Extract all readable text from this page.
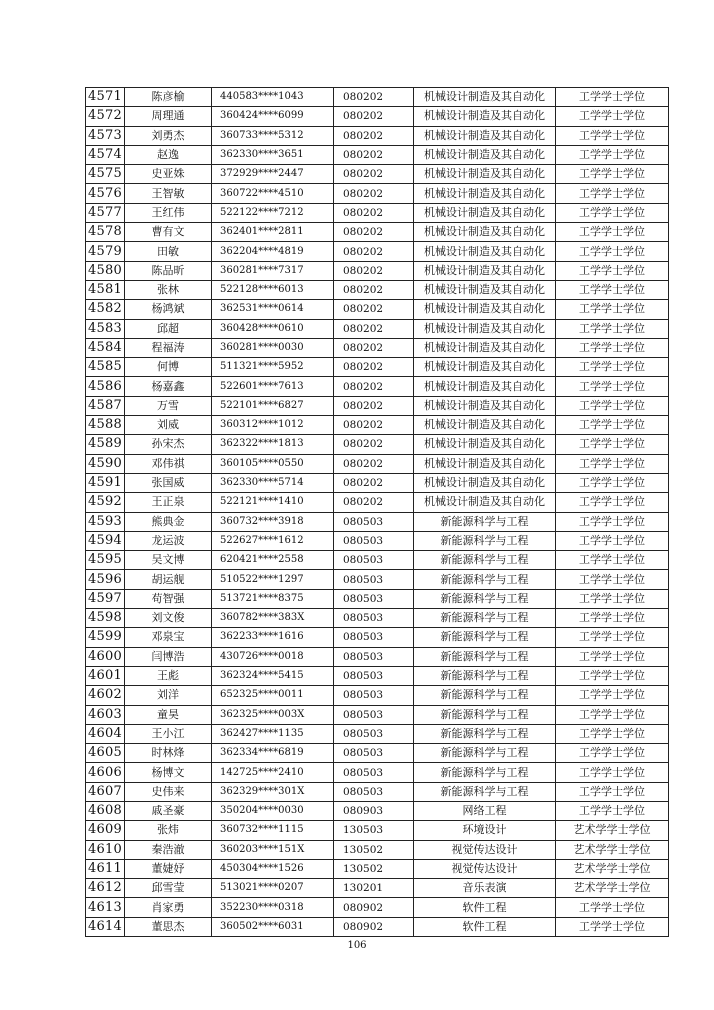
4571	陈彦榆	440583****1043	080202	机械设计制造及其自动化	工学学士学位
4572	周理通	360424****6099	080202	机械设计制造及其自动化	工学学士学位
4573	刘勇杰	360733****5312	080202	机械设计制造及其自动化	工学学士学位
4574	赵逸	362330****3651	080202	机械设计制造及其自动化	工学学士学位
4575	史亚姝	372929****2447	080202	机械设计制造及其自动化	工学学士学位
4576	王智敏	360722****4510	080202	机械设计制造及其自动化	工学学士学位
4577	王红伟	522122****7212	080202	机械设计制造及其自动化	工学学士学位
4578	曹有文	362401****2811	080202	机械设计制造及其自动化	工学学士学位
4579	田敏	362204****4819	080202	机械设计制造及其自动化	工学学士学位
4580	陈品昕	360281****7317	080202	机械设计制造及其自动化	工学学士学位
4581	张林	522128****6013	080202	机械设计制造及其自动化	工学学士学位
4582	杨鸿斌	362531****0614	080202	机械设计制造及其自动化	工学学士学位
4583	邱超	360428****0610	080202	机械设计制造及其自动化	工学学士学位
4584	程福涛	360281****0030	080202	机械设计制造及其自动化	工学学士学位
4585	何博	511321****5952	080202	机械设计制造及其自动化	工学学士学位
4586	杨嘉鑫	522601****7613	080202	机械设计制造及其自动化	工学学士学位
4587	万雪	522101****6827	080202	机械设计制造及其自动化	工学学士学位
4588	刘威	360312****1012	080202	机械设计制造及其自动化	工学学士学位
4589	孙宋杰	362322****1813	080202	机械设计制造及其自动化	工学学士学位
4590	邓伟祺	360105****0550	080202	机械设计制造及其自动化	工学学士学位
4591	张国威	362330****5714	080202	机械设计制造及其自动化	工学学士学位
4592	王正泉	522121****1410	080202	机械设计制造及其自动化	工学学士学位
4593	熊典金	360732****3918	080503	新能源科学与工程	工学学士学位
4594	龙运波	522627****1612	080503	新能源科学与工程	工学学士学位
4595	吴文博	620421****2558	080503	新能源科学与工程	工学学士学位
4596	胡运舰	510522****1297	080503	新能源科学与工程	工学学士学位
4597	苟智强	513721****8375	080503	新能源科学与工程	工学学士学位
4598	刘文俊	360782****383X	080503	新能源科学与工程	工学学士学位
4599	邓泉宝	362233****1616	080503	新能源科学与工程	工学学士学位
4600	闫博浩	430726****0018	080503	新能源科学与工程	工学学士学位
4601	王彪	362324****5415	080503	新能源科学与工程	工学学士学位
4602	刘洋	652325****0011	080503	新能源科学与工程	工学学士学位
4603	童昊	362325****003X	080503	新能源科学与工程	工学学士学位
4604	王小江	362427****1135	080503	新能源科学与工程	工学学士学位
4605	时林烽	362334****6819	080503	新能源科学与工程	工学学士学位
4606	杨博文	142725****2410	080503	新能源科学与工程	工学学士学位
4607	史伟来	362329****301X	080503	新能源科学与工程	工学学士学位
4608	戚圣豪	350204****0030	080903	网络工程	工学学士学位
4609	张炜	360732****1115	130503	环境设计	艺术学学士学位
4610	秦浩澈	360203****151X	130502	视觉传达设计	艺术学学士学位
4611	董婕妤	450304****1526	130502	视觉传达设计	艺术学学士学位
4612	邱雪莹	513021****0207	130201	音乐表演	艺术学学士学位
4613	肖家勇	352230****0318	080902	软件工程	工学学士学位
4614	董思杰	360502****6031	080902	软件工程	工学学士学位
106
